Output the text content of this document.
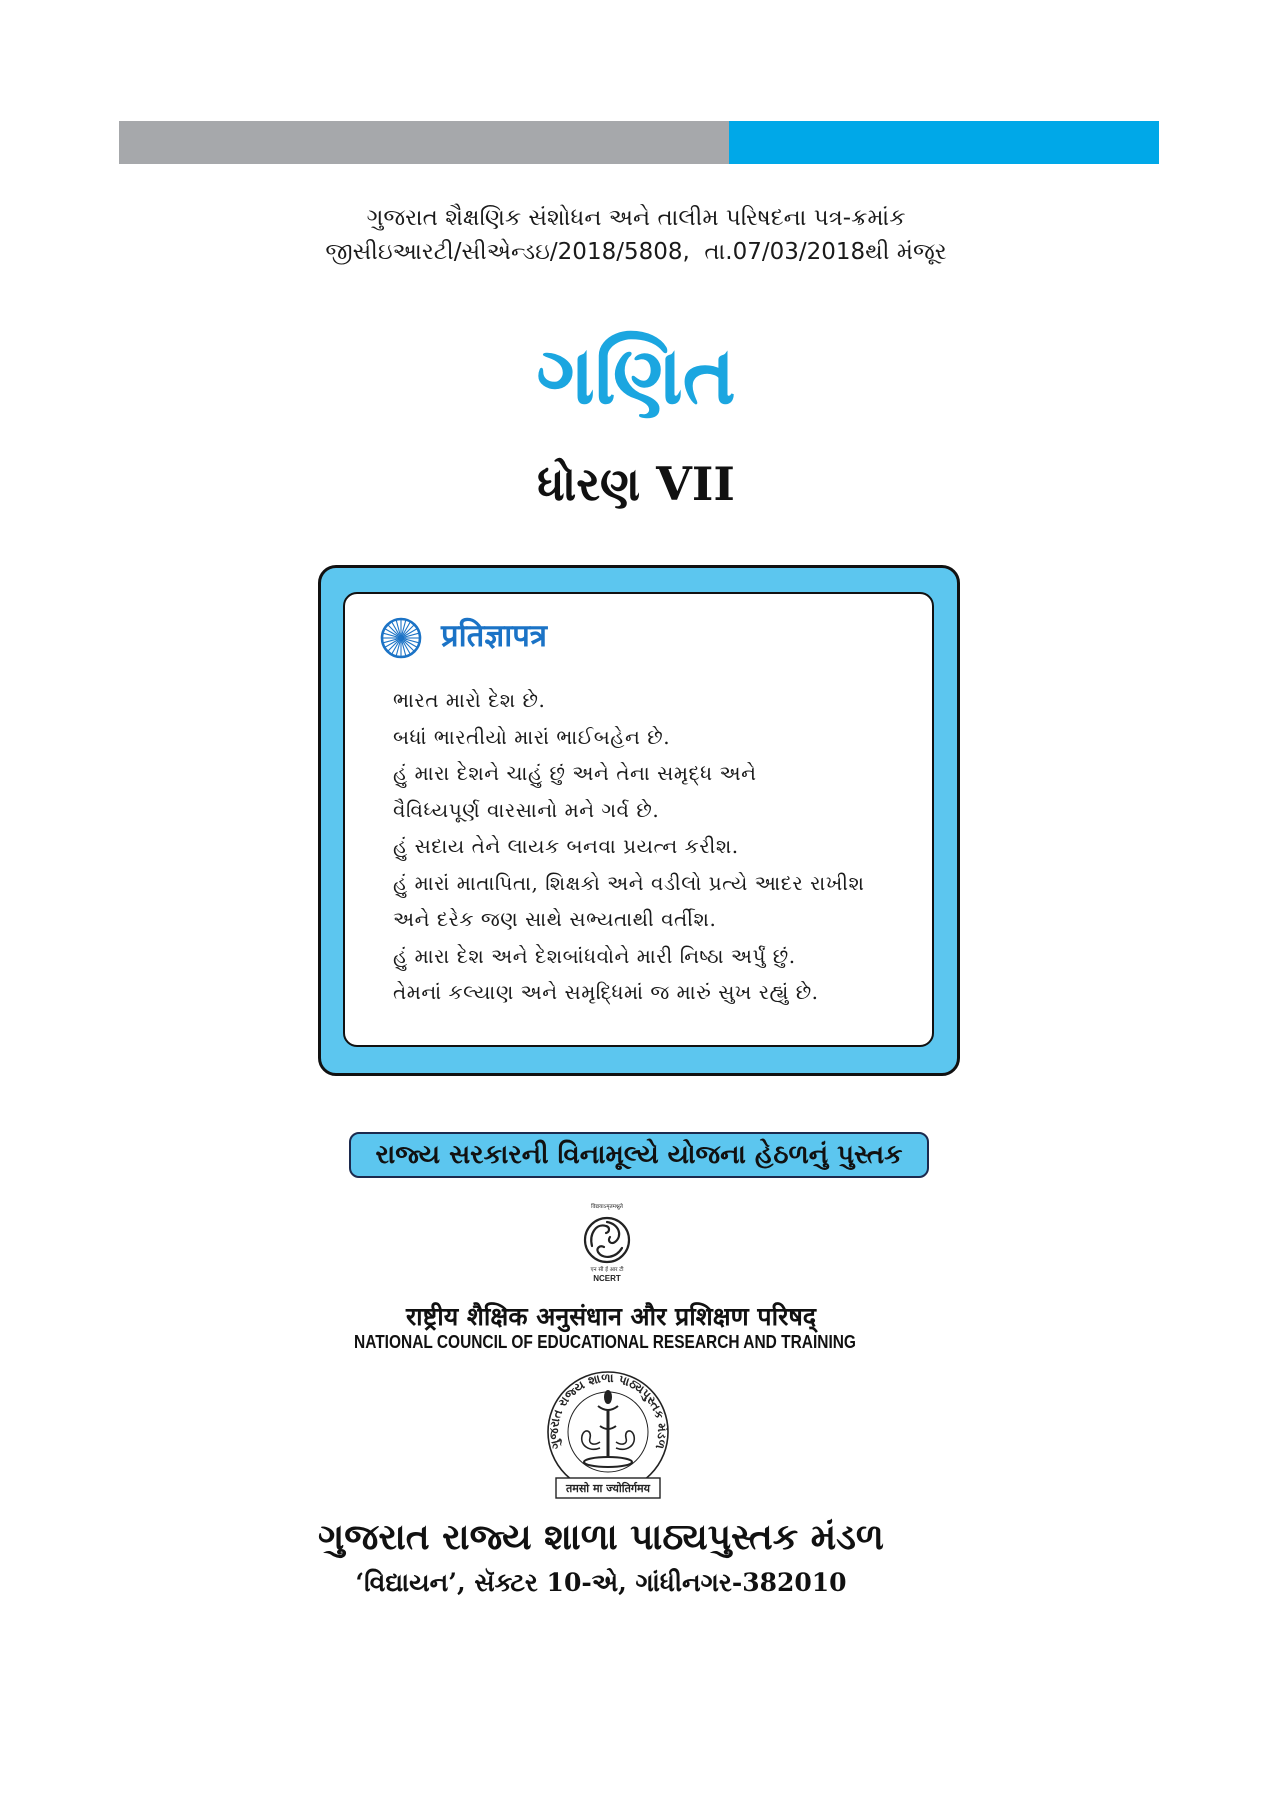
ગુજરાત શૈક્ષણિક સંશોધન અને તાલીમ પરિષદના પત્ર-ક્રમાંક
જીસીઇઆરટી/સીએન્ડઇ/2018/5808,  તા.07/03/2018થી મંજૂર
ગણિત
ધોરણ VII
प्रतिज्ञापत्र
ભારત મારો દેશ છે.
બધાં ભારતીયો મારાં ભાઈબહેન છે.
હું મારા દેશને ચાહું છું અને તેના સમૃદ્ધ અને
વૈવિધ્યપૂર્ણ વારસાનો મને ગર્વ છે.
હું સદાય તેને લાયક બનવા પ્રયત્ન કરીશ.
હું મારાં માતાપિતા, શિક્ષકો અને વડીલો પ્રત્યે આદર રાખીશ
અને દરેક જણ સાથે સભ્યતાથી વર્તીશ.
હું મારા દેશ અને દેશબાંધવોને મારી નિષ્ઠા અર્પું છું.
તેમનાં કલ્યાણ અને સમૃદ્ધિમાં જ મારું સુખ રહ્યું છે.
રાજ્ય સરકારની વિનામૂલ્યે યોજના હેઠળનું પુસ્તક
विद्ययाऽमृतमश्नुते
एन सी ई आर टी
NCERT
राष्ट्रीय शैक्षिक अनुसंधान और प्रशिक्षण परिषद्
NATIONAL COUNCIL OF EDUCATIONAL RESEARCH AND TRAINING
ગુજરાત રાજ્ય શાળા પાઠ્યપુસ્તક મંડળ
तमसो मा ज्योतिर्गमय
ગુજરાત રાજ્ય શાળા પાઠ્યપુસ્તક મંડળ
‘વિદ્યાયન’, સૅક્ટર 10-એ, ગાંધીનગર-382010
